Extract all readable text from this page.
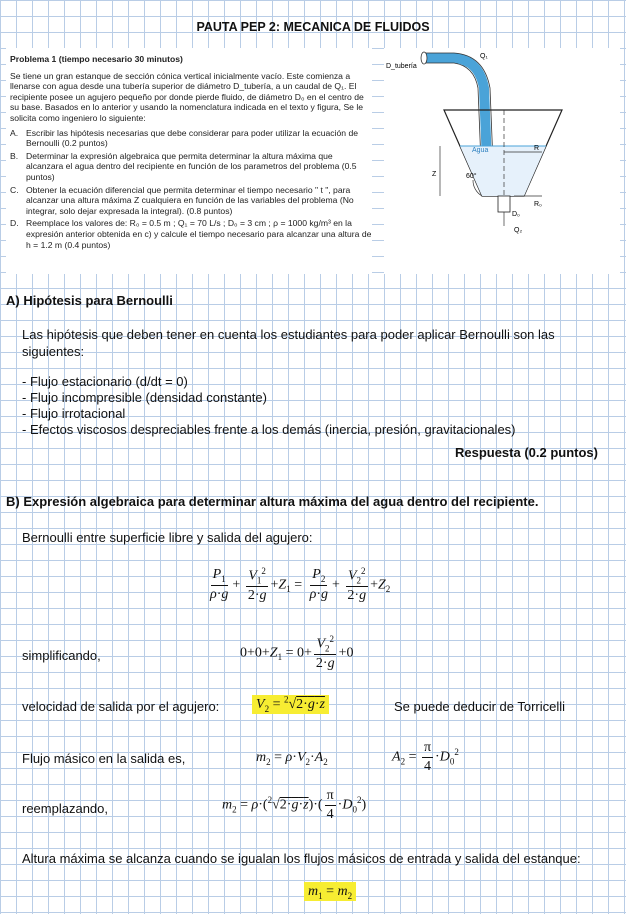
PAUTA PEP 2: MECANICA DE FLUIDOS
Problema 1 (tiempo necesario 30 minutos)

Se tiene un gran estanque de sección cónica vertical inicialmente vacío. Este comienza a llenarse con agua desde una tubería superior de diámetro D_tubería, a un caudal de Q₁. El recipiente posee un agujero pequeño por donde pierde fluido, de diámetro D₀ en el centro de su base. Basados en lo anterior y usando la nomenclatura indicada en el texto y figura, Se le solicita como ingeniero lo siguiente:

A. Escribir las hipótesis necesarias que debe considerar para poder utilizar la ecuación de Bernoulli (0.2 puntos)
B. Determinar la expresión algebraica que permita determinar la altura máxima que alcanzara el agua dentro del recipiente en función de los parametros del problema (0.5 puntos)
C. Obtener la ecuación diferencial que permita determinar el tiempo necesario " t ", para alcanzar una altura máxima Z cualquiera en función de las variables del problema (No integrar, solo dejar expresada la integral). (0.8 puntos)
D. Reemplace los valores de: R₀ = 0.5 m ; Q₁ = 70 L/s ; D₀ = 3 cm ; ρ = 1000 kg/m³ en la expresión anterior obtenida en c) y calcule el tiempo necesario para alcanzar una altura de h = 1.2 m (0.4 puntos)
D_tubería
Q₁
Agua	R
Z	60°
R₀
D₀
Q₂
A) Hipótesis para Bernoulli
Las hipótesis que deben tener en cuenta los estudiantes para poder aplicar Bernoulli son las siguientes:
- Flujo estacionario (d/dt = 0)
- Flujo incompresible (densidad constante)
- Flujo irrotacional
- Efectos viscosos despreciables frente a los demás (inercia, presión, gravitacionales)
Respuesta (0.2 puntos)
B) Expresión algebraica para determinar altura máxima del agua dentro del recipiente.
Bernoulli entre superficie libre y salida del agujero:
$\frac{P_1}{\rho\cdot g} + \frac{V_1^2}{2\cdot g} +Z_1 = \frac{P_2}{\rho\cdot g} + \frac{V_2^2}{2\cdot g} +Z_2$
simplificando,	$0+0+Z_1 = 0+ \frac{V_2^2}{2\cdot g} +0$
velocidad de salida por el agujero:	$V_2 = ^2√2\cdot g\cdot z$	Se puede deducir de Torricelli
Flujo másico en la salida es,	$m_2 = \rho\cdot V_2\cdot A_2$	$A_2 = \frac{\pi}{4} \cdot D_0^2$
reemplazando,	$m_2 = \rho\cdot(^2√2\cdot g\cdot z)\cdot( \frac{\pi}{4} \cdot D_0^2)$
Altura máxima se alcanza cuando se igualan los flujos másicos de entrada y salida del estanque:
$m_1 = m_2$
